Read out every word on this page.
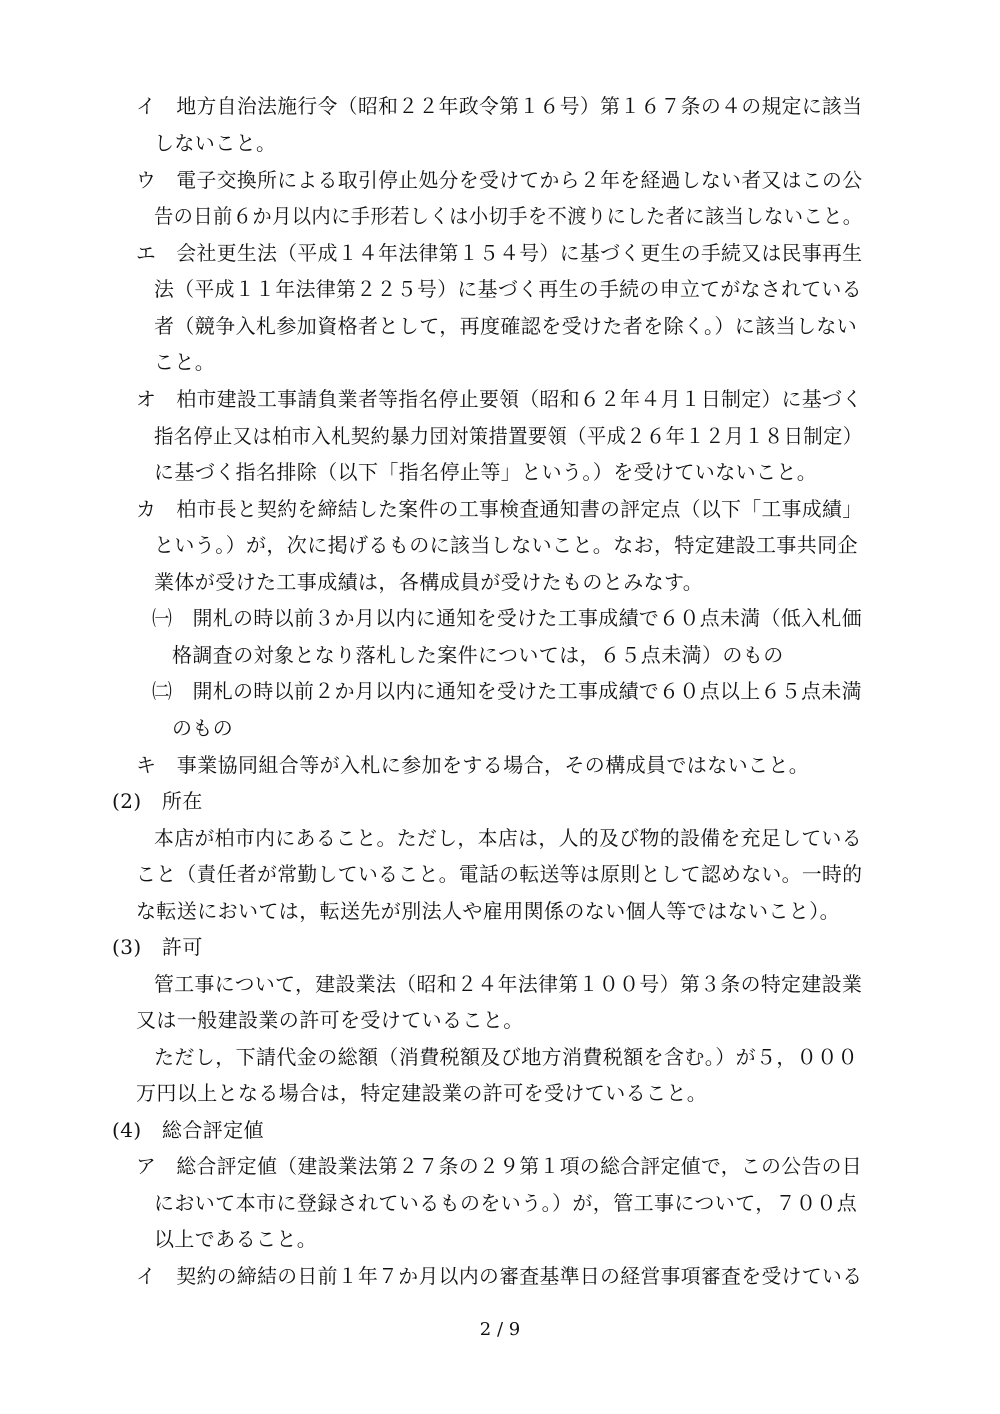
イ　地方自治法施行令（昭和２２年政令第１６号）第１６７条の４の規定に該当
しないこと。
ウ　電子交換所による取引停止処分を受けてから２年を経過しない者又はこの公
告の日前６か月以内に手形若しくは小切手を不渡りにした者に該当しないこと。
エ　会社更生法（平成１４年法律第１５４号）に基づく更生の手続又は民事再生
法（平成１１年法律第２２５号）に基づく再生の手続の申立てがなされている
者（競争入札参加資格者として，再度確認を受けた者を除く。）に該当しない
こと。
オ　柏市建設工事請負業者等指名停止要領（昭和６２年４月１日制定）に基づく
指名停止又は柏市入札契約暴力団対策措置要領（平成２６年１２月１８日制定）
に基づく指名排除（以下「指名停止等」という。）を受けていないこと。
カ　柏市長と契約を締結した案件の工事検査通知書の評定点（以下「工事成績」
という。）が，次に掲げるものに該当しないこと。なお，特定建設工事共同企
業体が受けた工事成績は，各構成員が受けたものとみなす。
㈠　開札の時以前３か月以内に通知を受けた工事成績で６０点未満（低入札価
格調査の対象となり落札した案件については，６５点未満）のもの
㈡　開札の時以前２か月以内に通知を受けた工事成績で６０点以上６５点未満
のもの
キ　事業協同組合等が入札に参加をする場合，その構成員ではないこと。
(2)　所在
本店が柏市内にあること。ただし，本店は，人的及び物的設備を充足している
こと（責任者が常勤していること。電話の転送等は原則として認めない。一時的
な転送においては，転送先が別法人や雇用関係のない個人等ではないこと）。
(3)　許可
管工事について，建設業法（昭和２４年法律第１００号）第３条の特定建設業
又は一般建設業の許可を受けていること。
ただし，下請代金の総額（消費税額及び地方消費税額を含む。）が５，０００
万円以上となる場合は，特定建設業の許可を受けていること。
(4)　総合評定値
ア　総合評定値（建設業法第２７条の２９第１項の総合評定値で，この公告の日
において本市に登録されているものをいう。）が，管工事について，７００点
以上であること。
イ　契約の締結の日前１年７か月以内の審査基準日の経営事項審査を受けている
2 / 9
